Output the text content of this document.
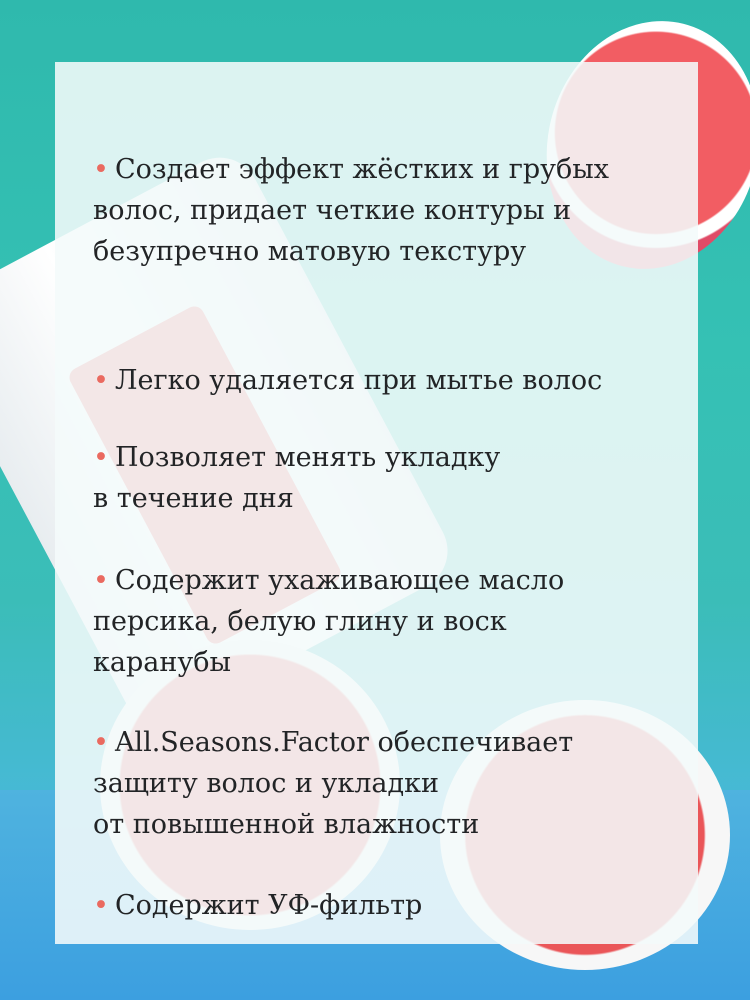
• Создает эффект жёстких и грубых
волос, придает четкие контуры и
безупречно матовую текстуру

• Легко удаляется при мытье волос

• Позволяет менять укладку
в течение дня

• Содержит ухаживающее масло
персика, белую глину и воск
каранубы

• All.Seasons.Factor обеспечивает
защиту волос и укладки
от повышенной влажности

• Содержит УФ-фильтр
